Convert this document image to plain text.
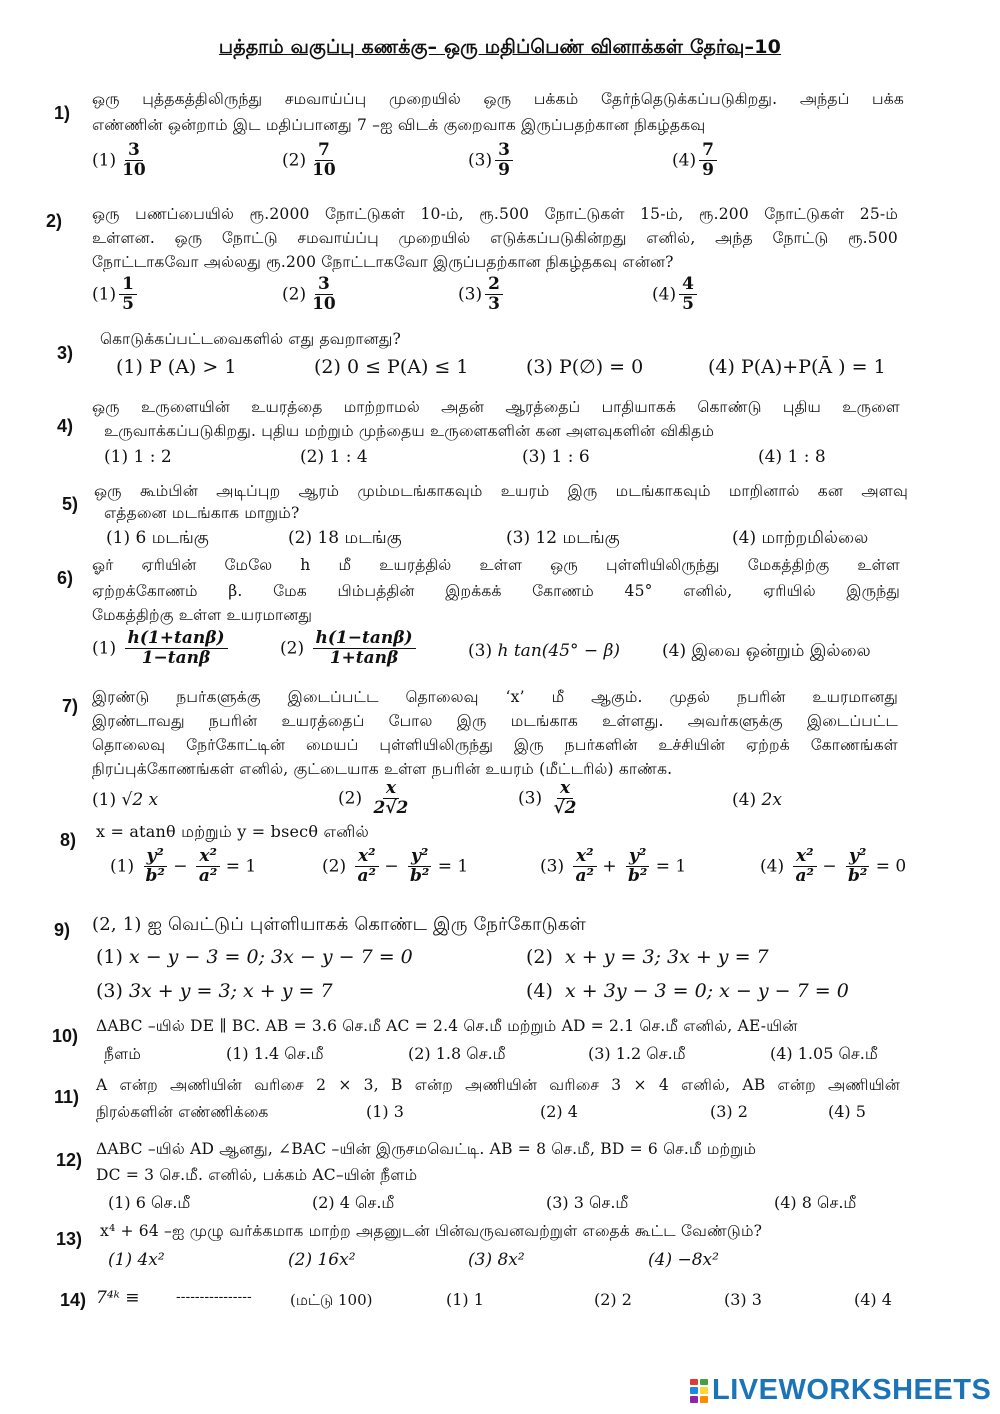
பத்தாம் வகுப்பு கணக்கு– ஒரு மதிப்பெண் வினாக்கள் தேர்வு–10
1)
ஒரு புத்தகத்திலிருந்து சமவாய்ப்பு முறையில் ஒரு பக்கம் தேர்ந்தெடுக்கப்படுகிறது. அந்தப் பக்க
எண்ணின் ஒன்றாம் இட மதிப்பானது 7 –ஐ விடக் குறைவாக இருப்பதற்கான நிகழ்தகவு
$(1) \frac{3}{10}$	$(2) \frac{7}{10}$	$(3) \frac{3}{9}$	$(4) \frac{7}{9}$
2) ஒரு பணப்பையில் ரூ.2000 நோட்டுகள் 10-ம், ரூ.500 நோட்டுகள் 15-ம், ரூ.200 நோட்டுகள் 25-ம்
உள்ளன. ஒரு நோட்டு சமவாய்ப்பு முறையில் எடுக்கப்படுகின்றது எனில், அந்த நோட்டு ரூ.500
நோட்டாகவோ அல்லது ரூ.200 நோட்டாகவோ இருப்பதற்கான நிகழ்தகவு என்ன?
$(1) \frac{1}{5}$	$(2) \frac{3}{10}$	$(3) \frac{2}{3}$	$(4) \frac{4}{5}$
3)
கொடுக்கப்பட்டவைகளில் எது தவறானது?
(1) P (A) > 1	(2) 0 ≤ P(A) ≤ 1	(3) P(∅) = 0	(4) P(A)+P(Ā ) = 1
4)
ஒரு உருளையின் உயரத்தை மாற்றாமல் அதன் ஆரத்தைப் பாதியாகக் கொண்டு புதிய உருளை
உருவாக்கப்படுகிறது. புதிய மற்றும் முந்தைய உருளைகளின் கன அளவுகளின் விகிதம்
(1) 1 : 2	(2) 1 : 4	(3) 1 : 6	(4) 1 : 8
5)
ஒரு கூம்பின் அடிப்புற ஆரம் மும்மடங்காகவும் உயரம் இரு மடங்காகவும் மாறினால் கன அளவு
எத்தனை மடங்காக மாறும்?
(1) 6 மடங்கு	(2) 18 மடங்கு	(3) 12 மடங்கு	(4) மாற்றமில்லை
6)
ஓர் ஏரியின் மேலே h மீ உயரத்தில் உள்ள ஒரு புள்ளியிலிருந்து மேகத்திற்கு உள்ள
ஏற்றக்கோணம் β. மேக பிம்பத்தின் இறக்கக் கோணம் 45° எனில், ஏரியில் இருந்து
மேகத்திற்கு உள்ள உயரமானது
$(1) \frac{h(1+\tan\beta)}{1-\tan\beta}$	$(2) \frac{h(1-\tan\beta)}{1+\tan\beta}$	(3) h tan(45° − β) (4) இவை ஒன்றும் இல்லை
7) இரண்டு நபர்களுக்கு இடைப்பட்ட தொலைவு ‘x’ மீ ஆகும். முதல் நபரின் உயரமானது
இரண்டாவது நபரின் உயரத்தைப் போல இரு மடங்காக உள்ளது. அவர்களுக்கு இடைப்பட்ட
தொலைவு நேர்கோட்டின் மையப் புள்ளியிலிருந்து இரு நபர்களின் உச்சியின் ஏற்றக் கோணங்கள்
நிரப்புக்கோணங்கள் எனில், குட்டையாக உள்ள நபரின் உயரம் (மீட்டரில்) காண்க.
(1) √2 x	$(2) \frac{x}{2√2}$	$(3) \frac{x}{√2}$	(4) 2x
8) x = atanθ மற்றும் y = bsecθ எனில்
$(1) \frac{\text{y²}}{\text{b²}} - \frac{\text{x²}}{\text{a²}} = 1$	$(2) \frac{\text{x²}}{\text{a²}} - \frac{\text{y²}}{\text{b²}} = 1$	$(3) \frac{\text{x²}}{\text{a²}} + \frac{\text{y²}}{\text{b²}} = 1$	$(4) \frac{\text{x²}}{\text{a²}} - \frac{\text{y²}}{\text{b²}} = 0$
9) (2, 1) ஐ வெட்டுப் புள்ளியாகக் கொண்ட இரு நேர்கோடுகள்
(1) x − y − 3 = 0; 3x − y − 7 = 0	(2) x + y = 3; 3x + y = 7
(3) 3x + y = 3; x + y = 7	(4) x + 3y − 3 = 0; x − y − 7 = 0
10) ΔABC –யில் DE ∥ BC. AB = 3.6 செ.மீ AC = 2.4 செ.மீ மற்றும் AD = 2.1 செ.மீ எனில், AE-யின்
நீளம்	(1) 1.4 செ.மீ	(2) 1.8 செ.மீ	(3) 1.2 செ.மீ	(4) 1.05 செ.மீ
11)
A என்ற அணியின் வரிசை 2 × 3, B என்ற அணியின் வரிசை 3 × 4 எனில், AB என்ற அணியின்
நிரல்களின் எண்ணிக்கை	(1) 3	(2) 4	(3) 2	(4) 5
12)
ΔABC –யில் AD ஆனது, ∠BAC –யின் இருசமவெட்டி. AB = 8 செ.மீ, BD = 6 செ.மீ மற்றும்
DC = 3 செ.மீ. எனில், பக்கம் AC–யின் நீளம்
(1) 6 செ.மீ	(2) 4 செ.மீ	(3) 3 செ.மீ	(4) 8 செ.மீ
13) x⁴ + 64 –ஐ முழு வர்க்கமாக மாற்ற அதனுடன் பின்வருவனவற்றுள் எதைக் கூட்ட வேண்டும்?
(1) 4x²	(2) 16x²	(3) 8x²	(4) −8x²
14) 7⁴ᵏ ≡	----------------	(மட்டு 100)	(1) 1	(2) 2	(3) 3	(4) 4
LIVEWORKSHEETS
